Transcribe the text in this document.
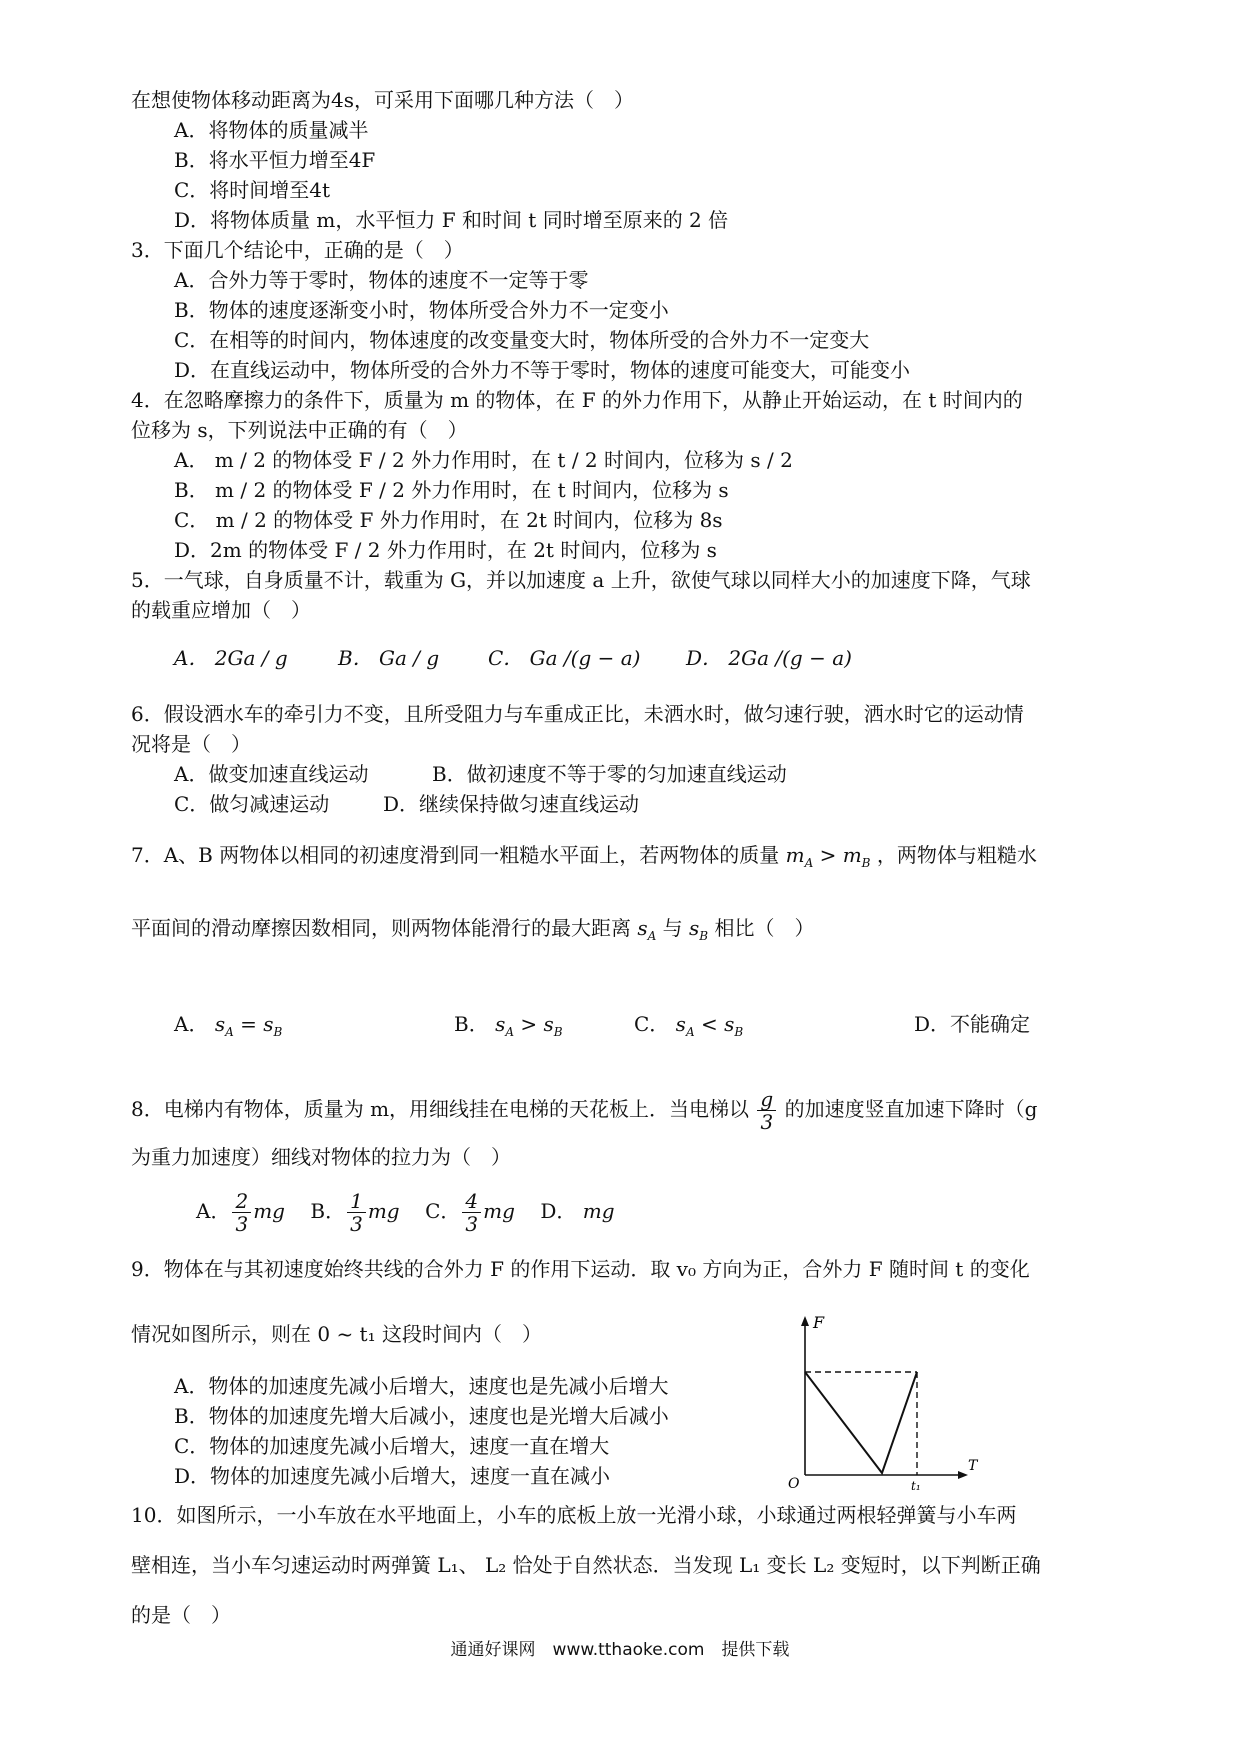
在想使物体移动距离为4s，可采用下面哪几种方法（　）
A．将物体的质量减半
B．将水平恒力增至4F
C．将时间增至4t
D．将物体质量 m，水平恒力 F 和时间 t 同时增至原来的 2 倍
3．下面几个结论中，正确的是（　）
A．合外力等于零时，物体的速度不一定等于零
B．物体的速度逐渐变小时，物体所受合外力不一定变小
C．在相等的时间内，物体速度的改变量变大时，物体所受的合外力不一定变大
D．在直线运动中，物体所受的合外力不等于零时，物体的速度可能变大，可能变小
4．在忽略摩擦力的条件下，质量为 m 的物体，在 F 的外力作用下，从静止开始运动，在 t 时间内的
位移为 s，下列说法中正确的有（　）
A． m / 2 的物体受 F / 2 外力作用时，在 t / 2 时间内，位移为 s / 2
B． m / 2 的物体受 F / 2 外力作用时，在 t 时间内，位移为 s
C． m / 2 的物体受 F 外力作用时，在 2t 时间内，位移为 8s
D．2m 的物体受 F / 2 外力作用时，在 2t 时间内，位移为 s
5．一气球，自身质量不计，载重为 G，并以加速度 a 上升，欲使气球以同样大小的加速度下降，气球
的载重应增加（　）
A． 2Ga / g	B． Ga / g C． Ga /(g − a) D． 2Ga /(g − a)
6．假设洒水车的牵引力不变，且所受阻力与车重成正比，未洒水时，做匀速行驶，洒水时它的运动情
况将是（　）
A．做变加速直线运动	B．做初速度不等于零的匀加速直线运动
C．做匀减速运动	D．继续保持做匀速直线运动
7．A、B 两物体以相同的初速度滑到同一粗糙水平面上，若两物体的质量 $m_A > m_B$ ，两物体与粗糙水
平面间的滑动摩擦因数相同，则两物体能滑行的最大距离 $s_A$ 与 $s_B$ 相比（　）
A． $s_A = s_B$	B． $s_A > s_B$	C． $s_A < s_B$	D．不能确定
8．电梯内有物体，质量为 m，用细线挂在电梯的天花板上．当电梯以 $\frac{g}{3}$ 的加速度竖直加速下降时（g
为重力加速度）细线对物体的拉力为（　）
A． $\frac{2}{3}$ mg B． $\frac{1}{3}$ mg C． $\frac{4}{3}$ mg D． mg
9．物体在与其初速度始终共线的合外力 F 的作用下运动．取 v₀ 方向为正，合外力 F 随时间 t 的变化
情况如图所示，则在 0 ~ t₁ 这段时间内（　）
A．物体的加速度先减小后增大，速度也是先减小后增大
B．物体的加速度先增大后减小，速度也是光增大后减小
C．物体的加速度先减小后增大，速度一直在增大
D．物体的加速度先减小后增大，速度一直在减小
F
T
O	t₁
10．如图所示，一小车放在水平地面上，小车的底板上放一光滑小球，小球通过两根轻弹簧与小车两
壁相连，当小车匀速运动时两弹簧 L₁、 L₂ 恰处于自然状态．当发现 L₁ 变长 L₂ 变短时，以下判断正确
的是（　）
通通好课网　www.tthaoke.com　提供下载
